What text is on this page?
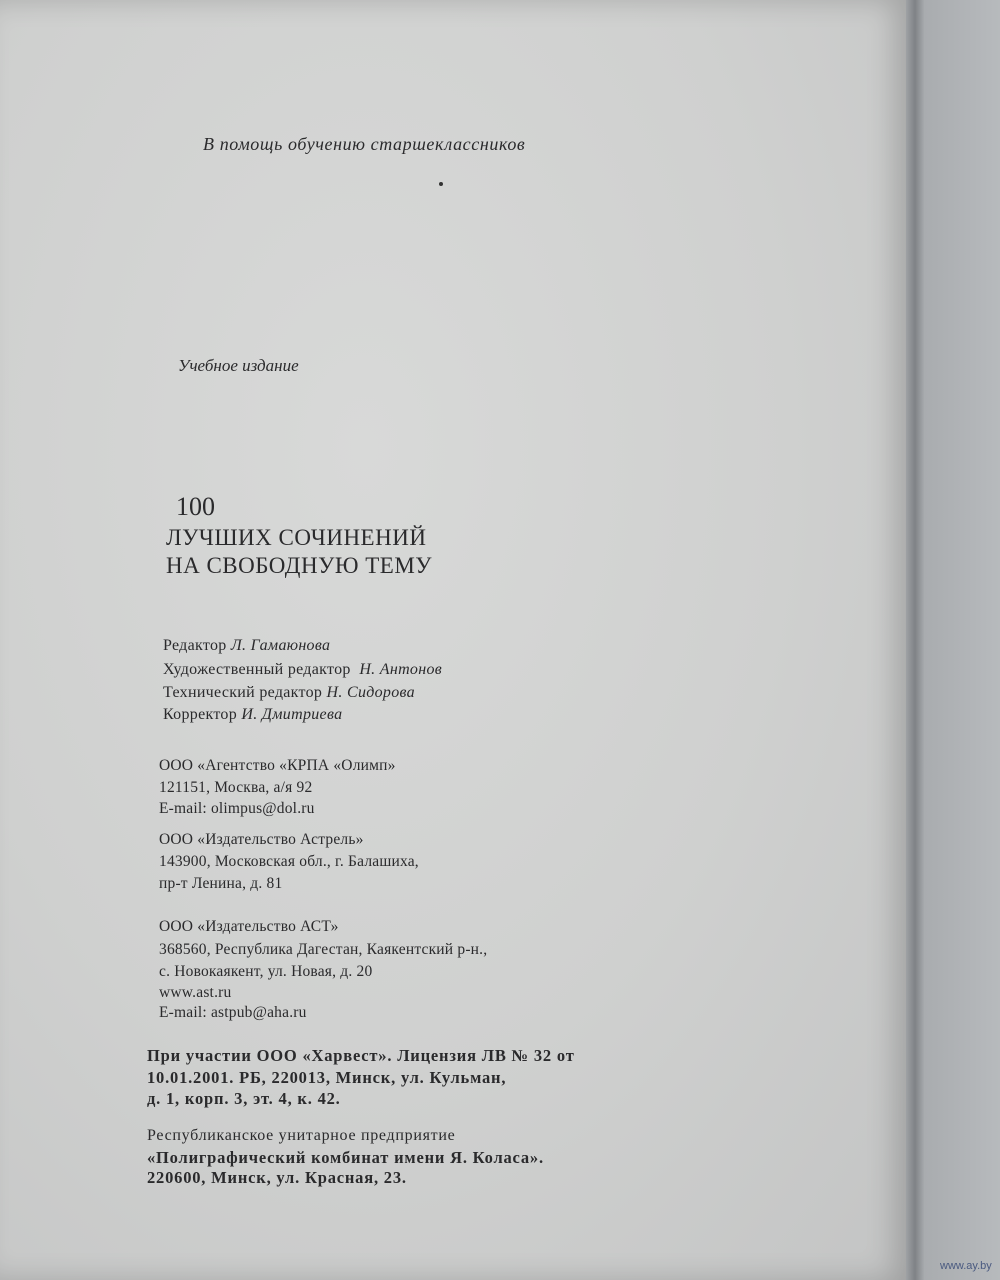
В помощь обучению старшеклассников

Учебное издание

100

ЛУЧШИХ СОЧИНЕНИЙ

НА СВОБОДНУЮ ТЕМУ

Редактор Л. Гамаюнова

Художественный редактор Н. Антонов

Технический редактор Н. Сидорова

Корректор И. Дмитриева

ООО «Агентство «КРПА «Олимп»

121151, Москва, а/я 92

E-mail: olimpus@dol.ru

ООО «Издательство Астрель»

143900, Московская обл., г. Балашиха,

пр-т Ленина, д. 81

ООО «Издательство АСТ»

368560, Республика Дагестан, Каякентский р-н.,

с. Новокаякент, ул. Новая, д. 20

www.ast.ru

E-mail: astpub@aha.ru

При участии ООО «Харвест». Лицензия ЛВ № 32 от

10.01.2001. РБ, 220013, Минск, ул. Кульман,

д. 1, корп. 3, эт. 4, к. 42.

Республиканское унитарное предприятие

«Полиграфический комбинат имени Я. Коласа».

220600, Минск, ул. Красная, 23.

www.ay.by
